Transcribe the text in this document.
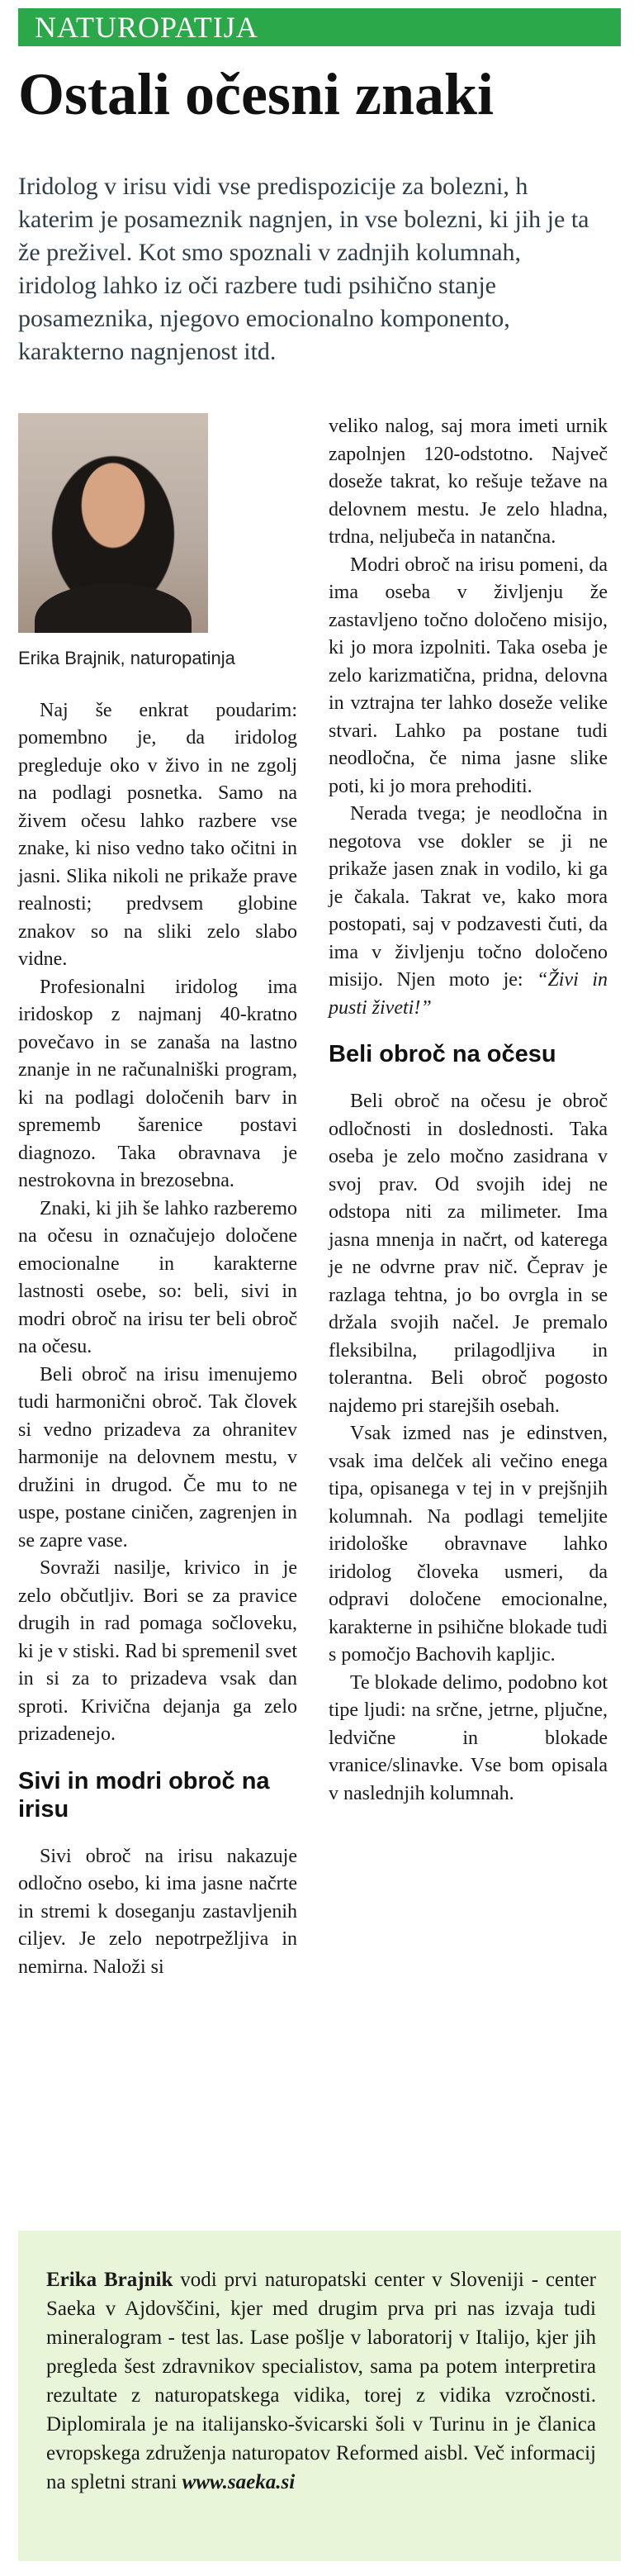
NATUROPATIJA
Ostali očesni znaki
Iridolog v irisu vidi vse predispozicije za bolezni, h katerim je posameznik nagnjen, in vse bolezni, ki jih je ta že preživel. Kot smo spoznali v zadnjih kolumnah, iridolog lahko iz oči razbere tudi psihično stanje posameznika, njegovo emocionalno komponento, karakterno nagnjenost itd.
Erika Brajnik, naturopatinja

Naj še enkrat poudarim: pomembno je, da iridolog pregleduje oko v živo in ne zgolj na podlagi posnetka. Samo na živem očesu lahko razbere vse znake, ki niso vedno tako očitni in jasni. Slika nikoli ne prikaže prave realnosti; predvsem globine znakov so na sliki zelo slabo vidne.

Profesionalni iridolog ima iridoskop z najmanj 40-kratno povečavo in se zanaša na lastno znanje in ne računalniški program, ki na podlagi določenih barv in sprememb šarenice postavi diagnozo. Taka obravnava je nestrokovna in brezosebna.

Znaki, ki jih še lahko razberemo na očesu in označujejo določene emocionalne in karakterne lastnosti osebe, so: beli, sivi in modri obroč na irisu ter beli obroč na očesu.

Beli obroč na irisu imenujemo tudi harmonični obroč. Tak človek si vedno prizadeva za ohranitev harmonije na delovnem mestu, v družini in drugod. Če mu to ne uspe, postane ciničen, zagrenjen in se zapre vase.

Sovraži nasilje, krivico in je zelo občutljiv. Bori se za pravice drugih in rad pomaga sočloveku, ki je v stiski. Rad bi spremenil svet in si za to prizadeva vsak dan sproti. Krivična dejanja ga zelo prizadenejo.

Sivi in modri obroč na irisu

Sivi obroč na irisu nakazuje odločno osebo, ki ima jasne načrte in stremi k doseganju zastavljenih ciljev. Je zelo nepotrpežljiva in nemirna. Naloži si

veliko nalog, saj mora imeti urnik zapolnjen 120-odstotno. Največ doseže takrat, ko rešuje težave na delovnem mestu. Je zelo hladna, trdna, neljubeča in natančna.

Modri obroč na irisu pomeni, da ima oseba v življenju že zastavljeno točno določeno misijo, ki jo mora izpolniti. Taka oseba je zelo karizmatična, pridna, delovna in vztrajna ter lahko doseže velike stvari. Lahko pa postane tudi neodločna, če nima jasne slike poti, ki jo mora prehoditi.

Nerada tvega; je neodločna in negotova vse dokler se ji ne prikaže jasen znak in vodilo, ki ga je čakala. Takrat ve, kako mora postopati, saj v podzavesti čuti, da ima v življenju točno določeno misijo. Njen moto je: “Živi in pusti živeti!”

Beli obroč na očesu

Beli obroč na očesu je obroč odločnosti in doslednosti. Taka oseba je zelo močno zasidrana v svoj prav. Od svojih idej ne odstopa niti za milimeter. Ima jasna mnenja in načrt, od katerega je ne odvrne prav nič. Čeprav je razlaga tehtna, jo bo ovrgla in se držala svojih načel. Je premalo fleksibilna, prilagodljiva in tolerantna. Beli obroč pogosto najdemo pri starejših osebah.

Vsak izmed nas je edinstven, vsak ima delček ali večino enega tipa, opisanega v tej in v prejšnjih kolumnah. Na podlagi temeljite iridološke obravnave lahko iridolog človeka usmeri, da odpravi določene emocionalne, karakterne in psihične blokade tudi s pomočjo Bachovih kapljic.

Te blokade delimo, podobno kot tipe ljudi: na srčne, jetrne, pljučne, ledvične in blokade vranice/slinavke. Vse bom opisala v naslednjih kolumnah.

Erika Brajnik vodi prvi naturopatski center v Sloveniji - center Saeka v Ajdovščini, kjer med drugim prva pri nas izvaja tudi mineralogram - test las. Lase pošlje v laboratorij v Italijo, kjer jih pregleda šest zdravnikov specialistov, sama pa potem interpretira rezultate z naturopatskega vidika, torej z vidika vzročnosti. Diplomirala je na italijansko-švicarski šoli v Turinu in je članica evropskega združenja naturopatov Reformed aisbl. Več informacij na spletni strani www.saeka.si
